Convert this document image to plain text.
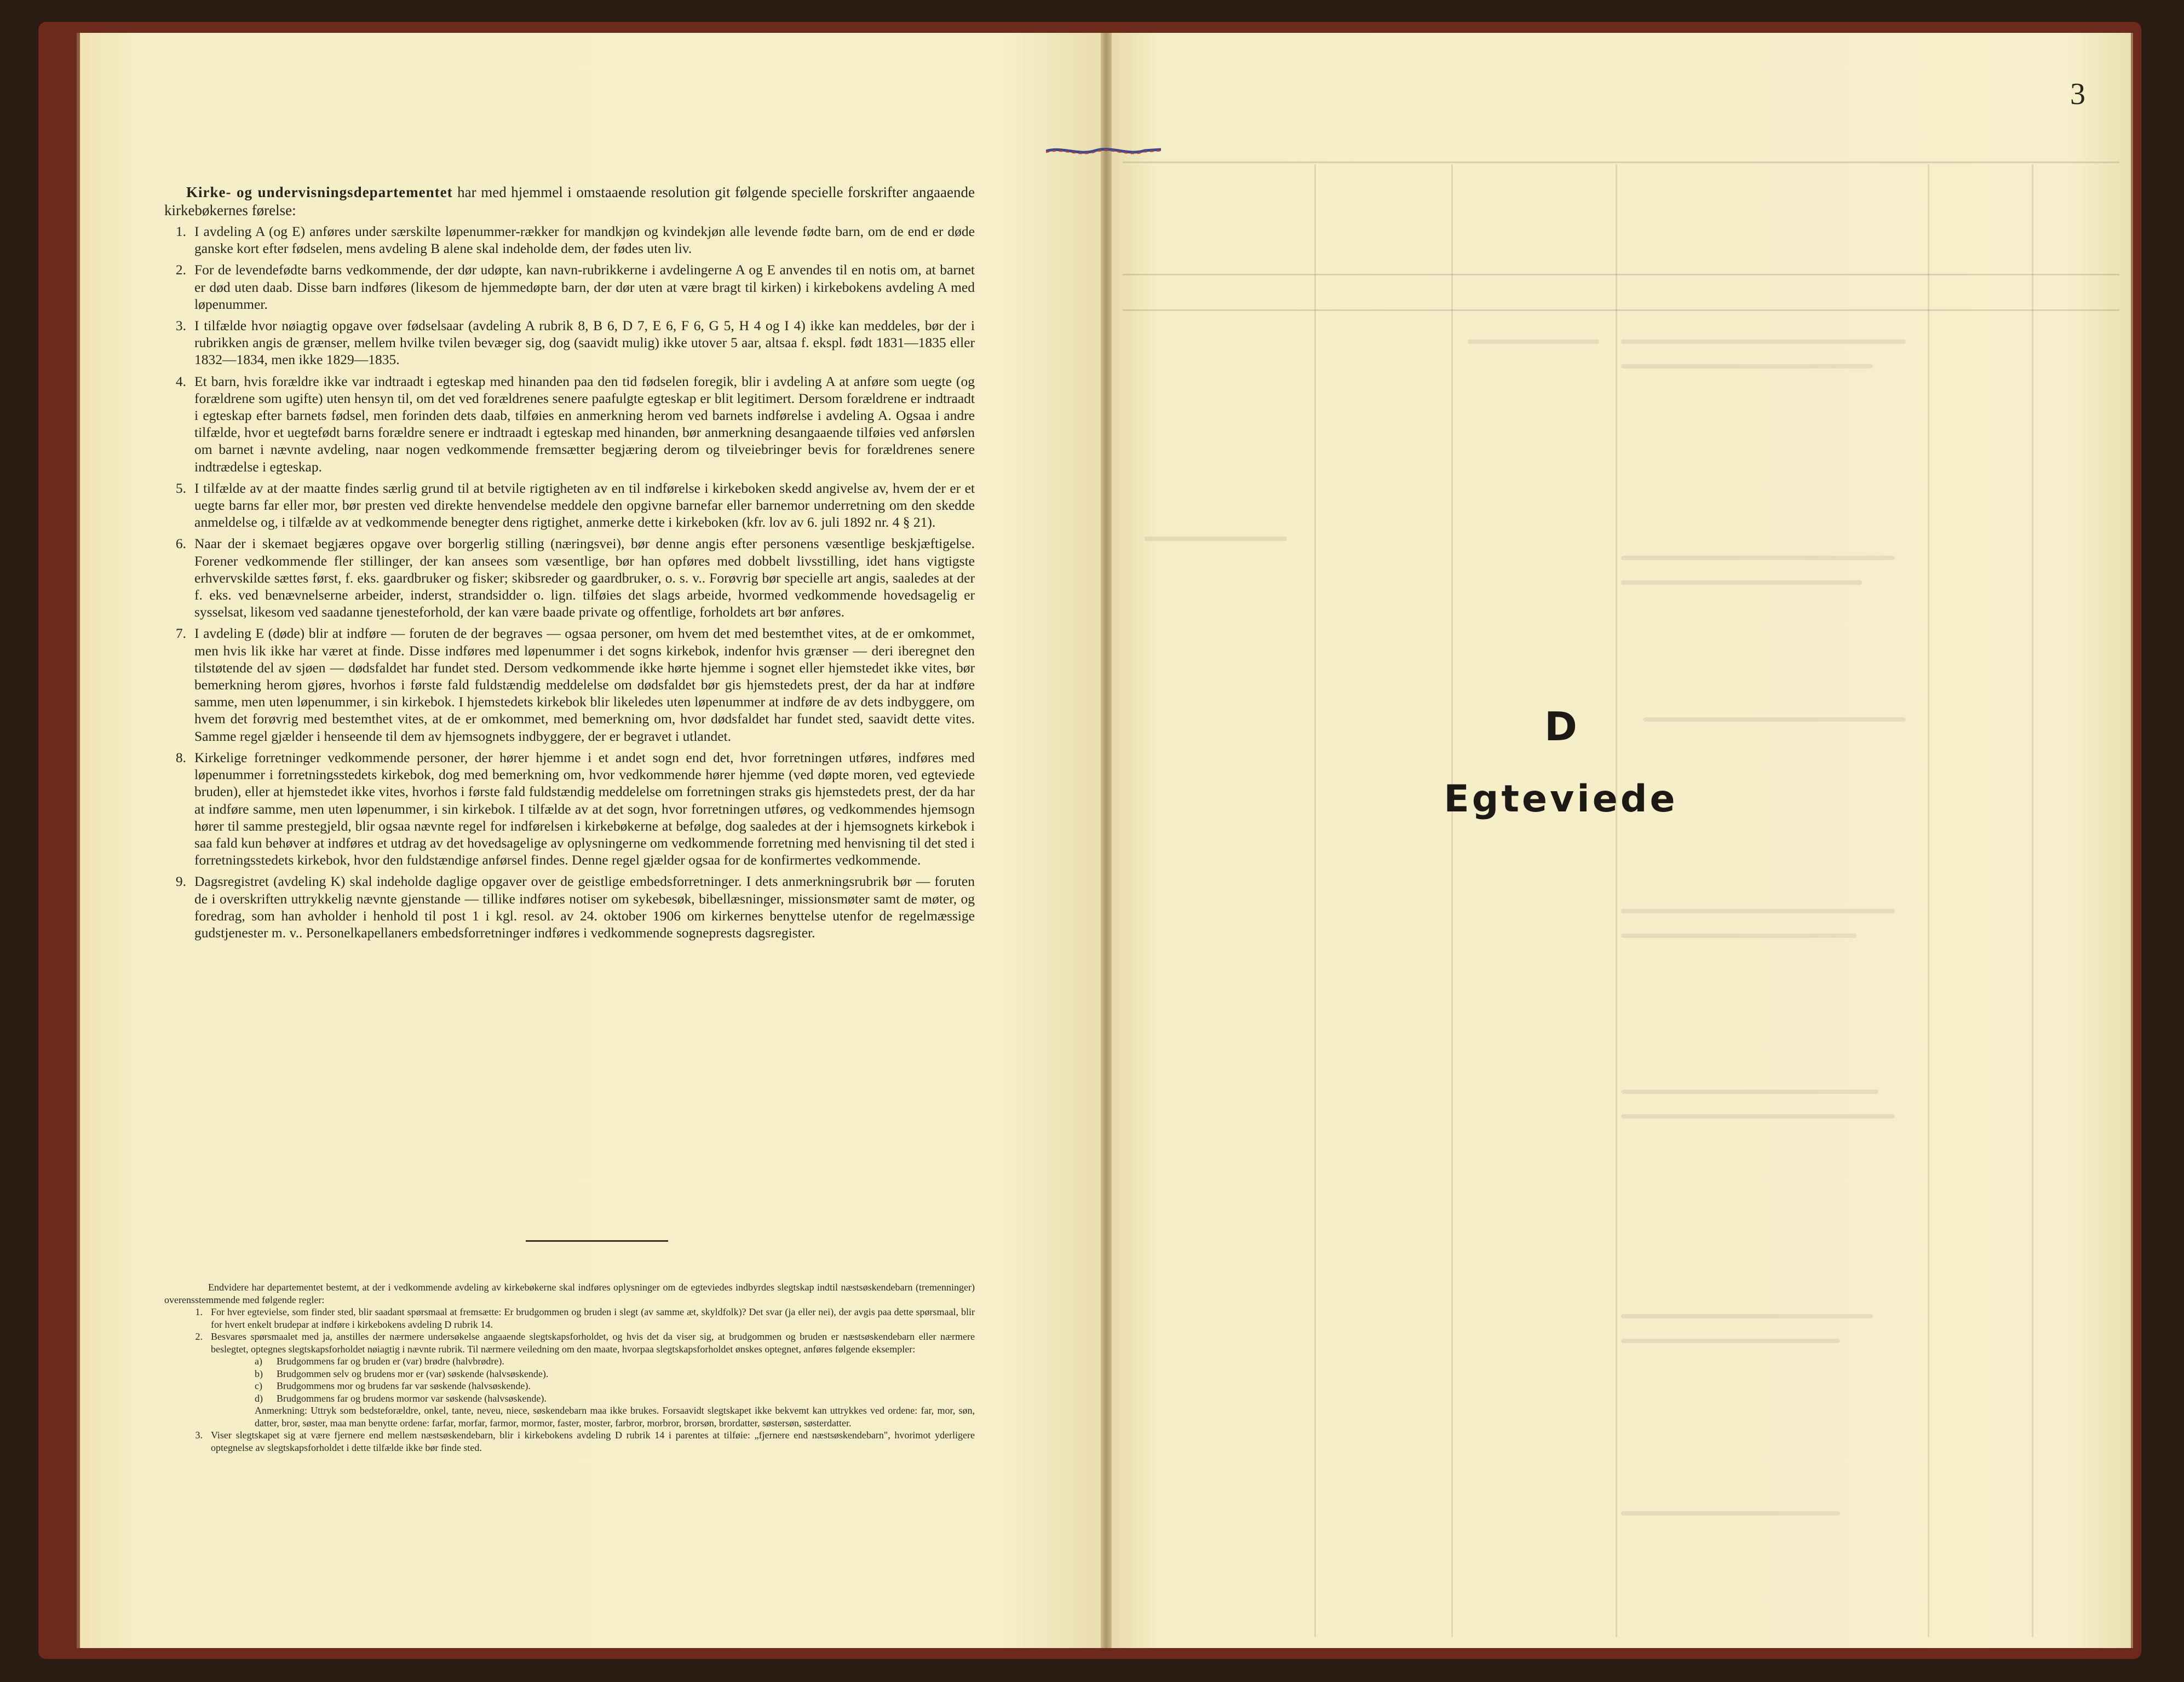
Kirke- og undervisningsdepartementet har med hjemmel i omstaaende resolution git følgende specielle forskrifter angaaende kirkebøkernes førelse:

1. I avdeling A (og E) anføres under særskilte løpenummer-rækker for mandkjøn og kvindekjøn alle levende fødte barn, om de end er døde ganske kort efter fødselen, mens avdeling B alene skal indeholde dem, der fødes uten liv.
2. For de levendefødte barns vedkommende, der dør udøpte, kan navn-rubrikkerne i avdelingerne A og E anvendes til en notis om, at barnet er død uten daab. Disse barn indføres (likesom de hjemmedøpte barn, der dør uten at være bragt til kirken) i kirkebokens avdeling A med løpenummer.
3. I tilfælde hvor nøiagtig opgave over fødselsaar (avdeling A rubrik 8, B 6, D 7, E 6, F 6, G 5, H 4 og I 4) ikke kan meddeles, bør der i rubrikken angis de grænser, mellem hvilke tvilen bevæger sig, dog (saavidt mulig) ikke utover 5 aar, altsaa f. ekspl. født 1831—1835 eller 1832—1834, men ikke 1829—1835.
4. Et barn, hvis forældre ikke var indtraadt i egteskap med hinanden paa den tid fødselen foregik, blir i avdeling A at anføre som uegte (og forældrene som ugifte) uten hensyn til, om det ved forældrenes senere paafulgte egteskap er blit legitimert. Dersom forældrene er indtraadt i egteskap efter barnets fødsel, men forinden dets daab, tilføies en anmerkning herom ved barnets indførelse i avdeling A. Ogsaa i andre tilfælde, hvor et uegtefødt barns forældre senere er indtraadt i egteskap med hinanden, bør anmerkning desangaaende tilføies ved anførslen om barnet i nævnte avdeling, naar nogen vedkommende fremsætter begjæring derom og tilveiebringer bevis for forældrenes senere indtrædelse i egteskap.
5. I tilfælde av at der maatte findes særlig grund til at betvile rigtigheten av en til indførelse i kirkeboken skedd angivelse av, hvem der er et uegte barns far eller mor, bør presten ved direkte henvendelse meddele den opgivne barnefar eller barnemor underretning om den skedde anmeldelse og, i tilfælde av at vedkommende benegter dens rigtighet, anmerke dette i kirkeboken (kfr. lov av 6. juli 1892 nr. 4 § 21).
6. Naar der i skemaet begjæres opgave over borgerlig stilling (næringsvei), bør denne angis efter personens væsentlige beskjæftigelse. Forener vedkommende fler stillinger, der kan ansees som væsentlige, bør han opføres med dobbelt livsstilling, idet hans vigtigste erhvervskilde sættes først, f. eks. gaardbruker og fisker; skibsreder og gaardbruker, o. s. v.. Forøvrig bør specielle art angis, saaledes at der f. eks. ved benævnelserne arbeider, inderst, strandsidder o. lign. tilføies det slags arbeide, hvormed vedkommende hovedsagelig er sysselsat, likesom ved saadanne tjenesteforhold, der kan være baade private og offentlige, forholdets art bør anføres.
7. I avdeling E (døde) blir at indføre — foruten de der begraves — ogsaa personer, om hvem det med bestemthet vites, at de er omkommet, men hvis lik ikke har været at finde. Disse indføres med løpenummer i det sogns kirkebok, indenfor hvis grænser — deri iberegnet den tilstøtende del av sjøen — dødsfaldet har fundet sted. Dersom vedkommende ikke hørte hjemme i sognet eller hjemstedet ikke vites, bør bemerkning herom gjøres, hvorhos i første fald fuldstændig meddelelse om dødsfaldet bør gis hjemstedets prest, der da har at indføre samme, men uten løpenummer, i sin kirkebok. I hjemstedets kirkebok blir likeledes uten løpenummer at indføre de av dets indbyggere, om hvem det forøvrig med bestemthet vites, at de er omkommet, med bemerkning om, hvor dødsfaldet har fundet sted, saavidt dette vites. Samme regel gjælder i henseende til dem av hjemsognets indbyggere, der er begravet i utlandet.
8. Kirkelige forretninger vedkommende personer, der hører hjemme i et andet sogn end det, hvor forretningen utføres, indføres med løpenummer i forretningsstedets kirkebok, dog med bemerkning om, hvor vedkommende hører hjemme (ved døpte moren, ved egteviede bruden), eller at hjemstedet ikke vites, hvorhos i første fald fuldstændig meddelelse om forretningen straks gis hjemstedets prest, der da har at indføre samme, men uten løpenummer, i sin kirkebok. I tilfælde av at det sogn, hvor forretningen utføres, og vedkommendes hjemsogn hører til samme prestegjeld, blir ogsaa nævnte regel for indførelsen i kirkebøkerne at befølge, dog saaledes at der i hjemsognets kirkebok i saa fald kun behøver at indføres et utdrag av det hovedsagelige av oplysningerne om vedkommende forretning med henvisning til det sted i forretningsstedets kirkebok, hvor den fuldstændige anførsel findes. Denne regel gjælder ogsaa for de konfirmertes vedkommende.
9. Dagsregistret (avdeling K) skal indeholde daglige opgaver over de geistlige embedsforretninger. I dets anmerkningsrubrik bør — foruten de i overskriften uttrykkelig nævnte gjenstande — tillike indføres notiser om sykebesøk, bibellæsninger, missionsmøter samt de møter, og foredrag, som han avholder i henhold til post 1 i kgl. resol. av 24. oktober 1906 om kirkernes benyttelse utenfor de regelmæssige gudstjenester m. v.. Personelkapellaners embedsforretninger indføres i vedkommende sogneprests dagsregister.

Endvidere har departementet bestemt, at der i vedkommende avdeling av kirkebøkerne skal indføres oplysninger om de egteviedes indbyrdes slegtskap indtil næstsøskendebarn (tremenninger) overensstemmende med følgende regler:

1. For hver egtevielse, som finder sted, blir saadant spørsmaal at fremsætte: Er brudgommen og bruden i slegt (av samme æt, skyldfolk)? Det svar (ja eller nei), der avgis paa dette spørsmaal, blir for hvert enkelt brudepar at indføre i kirkebokens avdeling D rubrik 14.
2. Besvares spørsmaalet med ja, anstilles der nærmere undersøkelse angaaende slegtskapsforholdet, og hvis det da viser sig, at brudgommen og bruden er næstsøskendebarn eller nærmere beslegtet, optegnes slegtskapsforholdet nøiagtig i nævnte rubrik. Til nærmere veiledning om den maate, hvorpaa slegtskapsforholdet ønskes optegnet, anføres følgende eksempler:
a) Brudgommens far og bruden er (var) brødre (halvbrødre).
b) Brudgommen selv og brudens mor er (var) søskende (halvsøskende).
c) Brudgommens mor og brudens far var søskende (halvsøskende).
d) Brudgommens far og brudens mormor var søskende (halvsøskende).

Anmerkning: Uttryk som bedsteforældre, onkel, tante, neveu, niece, søskendebarn maa ikke brukes. Forsaavidt slegtskapet ikke bekvemt kan uttrykkes ved ordene: far, mor, søn, datter, bror, søster, maa man benytte ordene: farfar, morfar, farmor, mormor, faster, moster, farbror, morbror, brorsøn, brordatter, søstersøn, søsterdatter.

3. Viser slegtskapet sig at være fjernere end mellem næstsøskendebarn, blir i kirkebokens avdeling D rubrik 14 i parentes at tilføie: „fjernere end næstsøskendebarn", hvorimot yderligere optegnelse av slegtskapsforholdet i dette tilfælde ikke bør finde sted.
3
D
Egteviede
